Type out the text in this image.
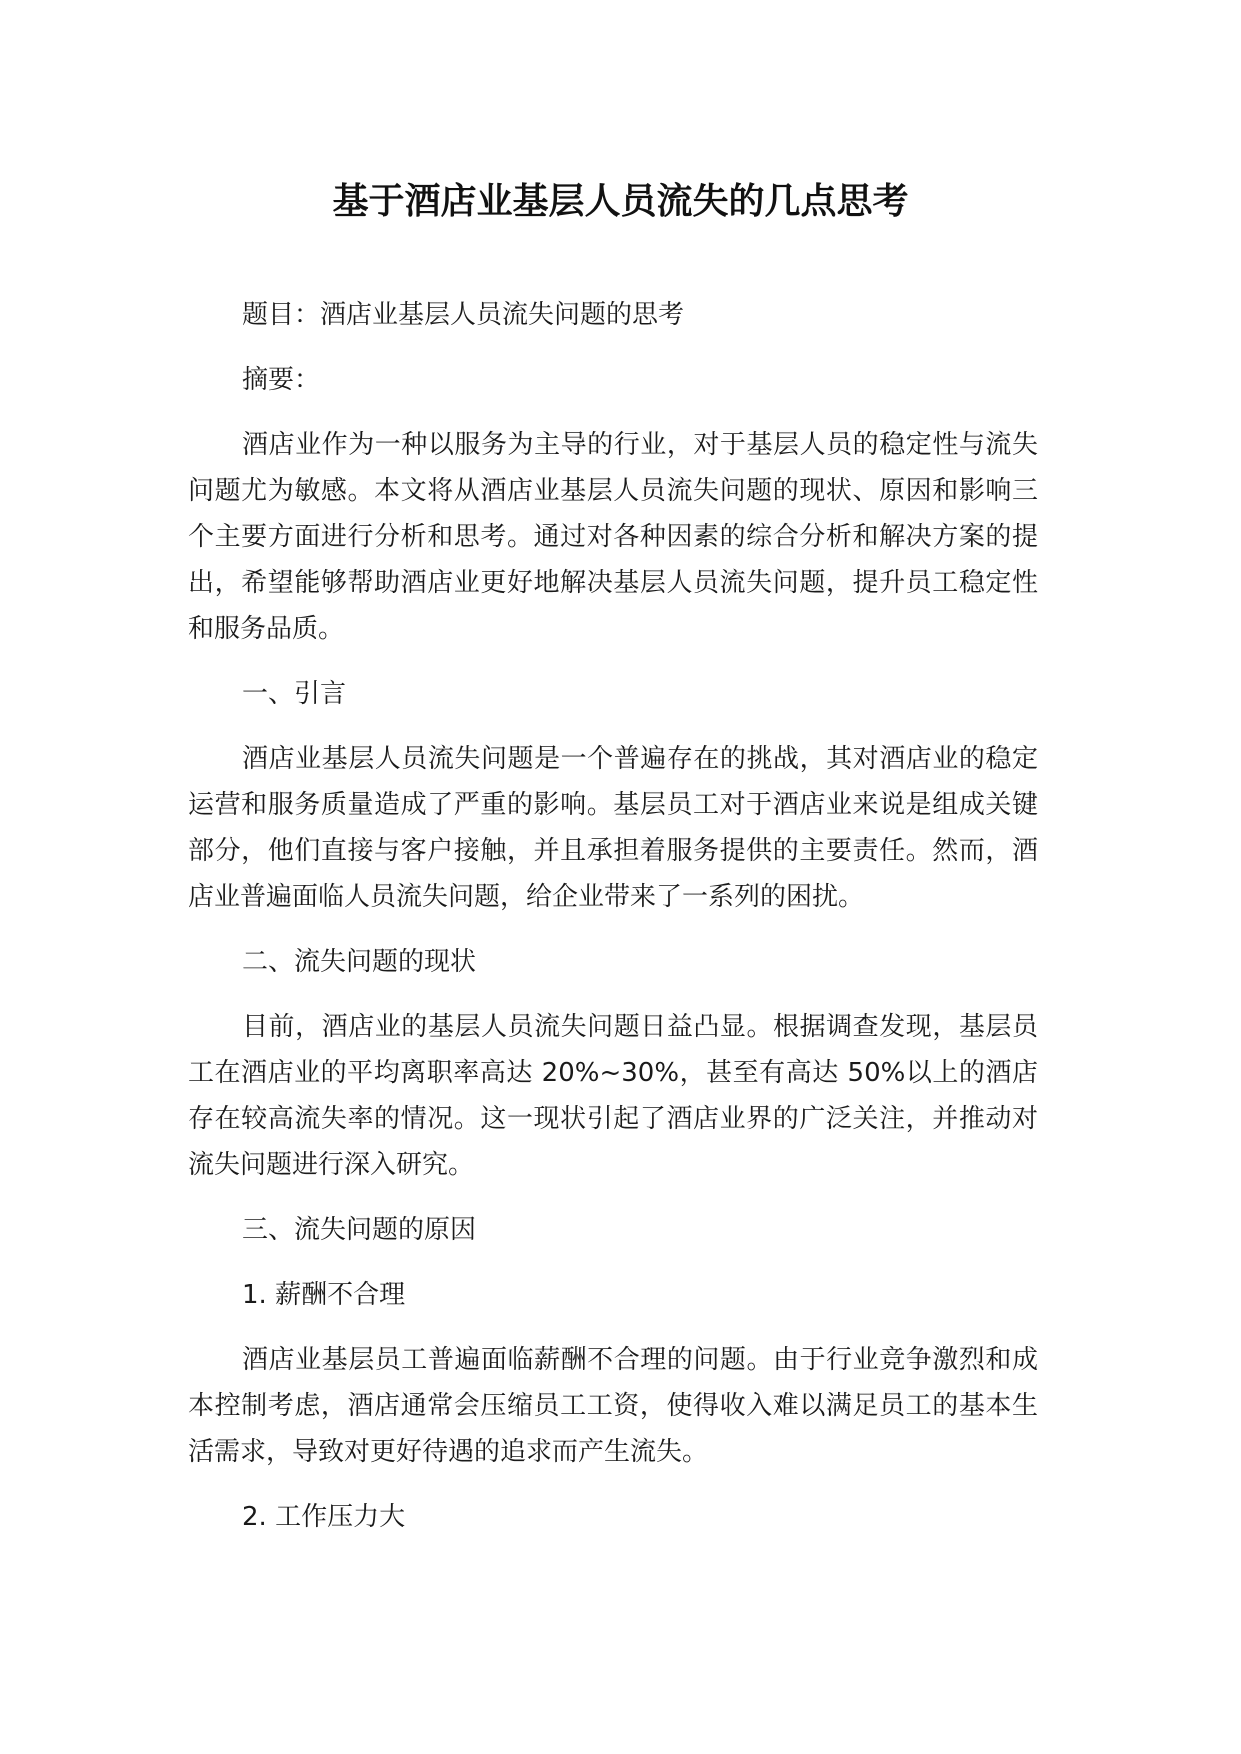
基于酒店业基层人员流失的几点思考

题目：酒店业基层人员流失问题的思考

摘要：

酒店业作为一种以服务为主导的行业，对于基层人员的稳定性与流失问题尤为敏感。本文将从酒店业基层人员流失问题的现状、原因和影响三个主要方面进行分析和思考。通过对各种因素的综合分析和解决方案的提出，希望能够帮助酒店业更好地解决基层人员流失问题，提升员工稳定性和服务品质。

一、引言

酒店业基层人员流失问题是一个普遍存在的挑战，其对酒店业的稳定运营和服务质量造成了严重的影响。基层员工对于酒店业来说是组成关键部分，他们直接与客户接触，并且承担着服务提供的主要责任。然而，酒店业普遍面临人员流失问题，给企业带来了一系列的困扰。

二、流失问题的现状

目前，酒店业的基层人员流失问题日益凸显。根据调查发现，基层员工在酒店业的平均离职率高达 20%~30%，甚至有高达 50%以上的酒店存在较高流失率的情况。这一现状引起了酒店业界的广泛关注，并推动对流失问题进行深入研究。

三、流失问题的原因

1. 薪酬不合理

酒店业基层员工普遍面临薪酬不合理的问题。由于行业竞争激烈和成本控制考虑，酒店通常会压缩员工工资，使得收入难以满足员工的基本生活需求，导致对更好待遇的追求而产生流失。

2. 工作压力大
